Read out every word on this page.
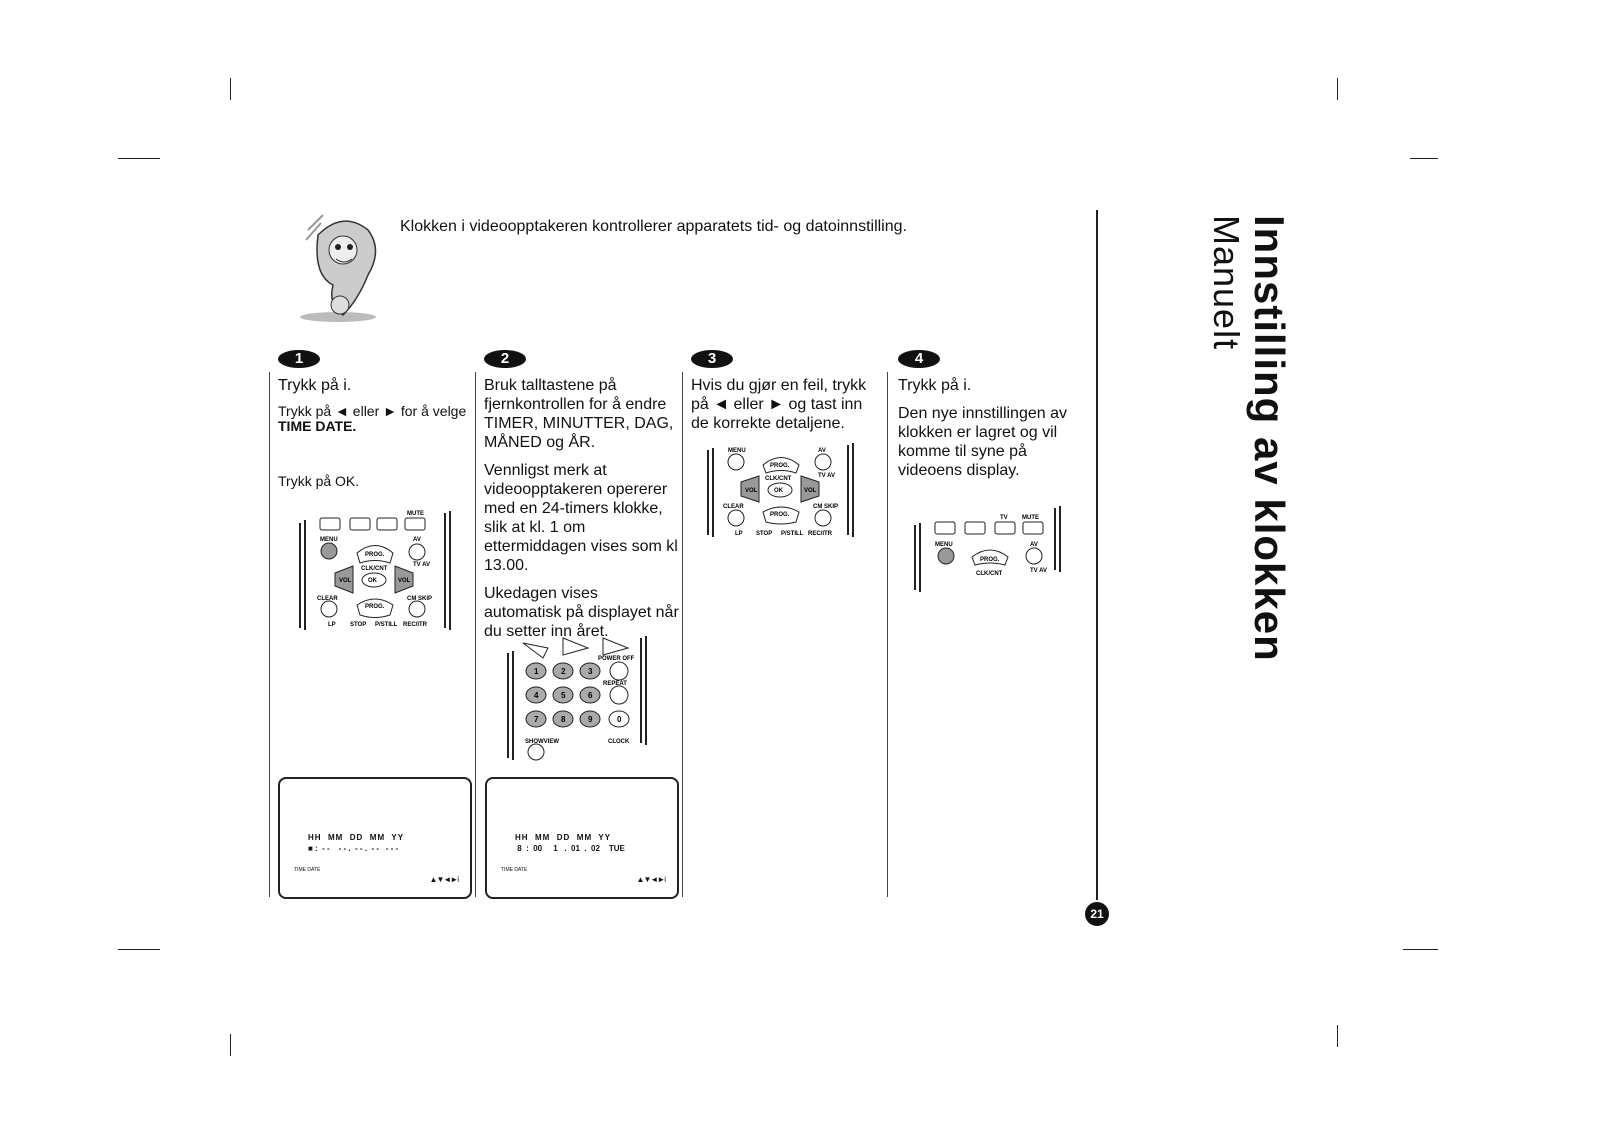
Klokken i videoopptakeren kontrollerer apparatets tid- og datoinnstilling.
1

Trykk på i.

Trykk på ◄ eller ► for å velge
TIME DATE.
Trykk på OK.
2

Bruk talltastene på fjernkontrollen for å endre TIMER, MINUTTER, DAG, MÅNED og ÅR.

Vennligst merk at videoopptakeren opererer med en 24-timers klokke, slik at kl. 1 om ettermiddagen vises som kl 13.00.

Ukedagen vises automatisk på displayet når du setter inn året.

3

Hvis du gjør en feil, trykk på ◄ eller ► og tast inn de korrekte detaljene.

4

Trykk på i.

Den nye innstillingen av klokken er lagret og vil komme til syne på videoens display.

MUTE
MENU	AV
PROG.
CLK/CNT
TV AV
VOL	VOL
OK
CLEAR	CM SKIP
PROG.
LP STOP P/STILL REC/ITR
POWER OFF
1	2	3
4	5	6
7	8	9	0
REPEAT
SHOWVIEW	CLOCK
MENU	AV
PROG.
CLK/CNT	TV AV
VOL	VOL
OK
CLEAR	CM SKIP
PROG.
LP STOP P/STILL REC/ITR
TV MUTE
MENU	AV
PROG.
CLK/CNT	TV AV
HH  MM  DD  MM  YY
■ :  - -    - - .  - - .  - -   - - -
TIME DATE
▲▼◄►i
HH  MM  DD  MM  YY
8  :  00     1   .  01  .  02    TUE
TIME DATE
▲▼◄►i
Innstilling av klokken
Manuelt
21
